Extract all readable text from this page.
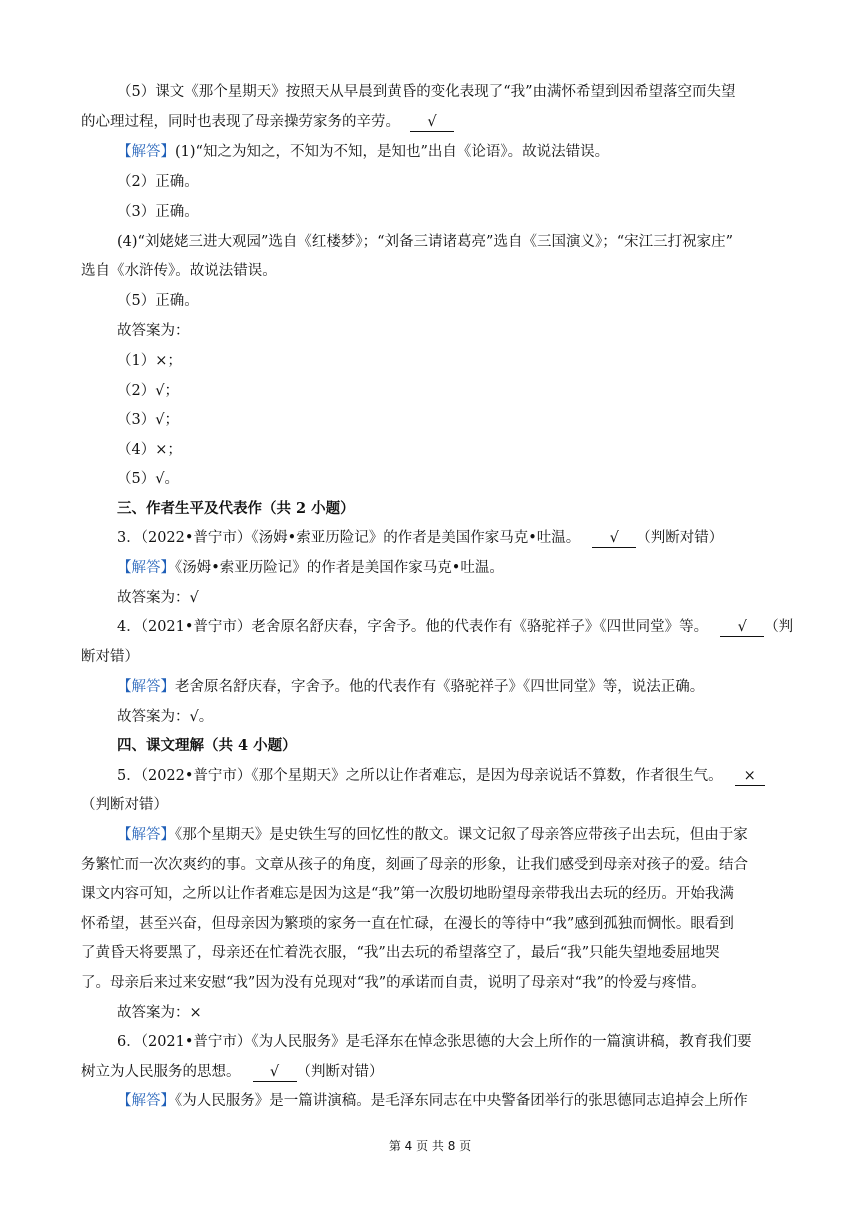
（5）课文《那个星期天》按照天从早晨到黄昏的变化表现了“我”由满怀希望到因希望落空而失望
的心理过程，同时也表现了母亲操劳家务的辛劳。 √
【解答】(1)“知之为知之，不知为不知，是知也”出自《论语》。故说法错误。
（2）正确。
（3）正确。
(4)“刘姥姥三进大观园”选自《红楼梦》；“刘备三请诸葛亮”选自《三国演义》；“宋江三打祝家庄”
选自《水浒传》。故说法错误。
（5）正确。
故答案为：
（1）×；
（2）√；
（3）√；
（4）×；
（5）√。
三、作者生平及代表作（共 2 小题）
3．（2022•普宁市）《汤姆•索亚历险记》的作者是美国作家马克•吐温。 √ （判断对错）
【解答】《汤姆•索亚历险记》的作者是美国作家马克•吐温。
故答案为：√
4．（2021•普宁市）老舍原名舒庆春，字舍予。他的代表作有《骆驼祥子》《四世同堂》等。 √ （判
断对错）
【解答】老舍原名舒庆春，字舍予。他的代表作有《骆驼祥子》《四世同堂》等，说法正确。
故答案为：√。
四、课文理解（共 4 小题）
5．（2022•普宁市）《那个星期天》之所以让作者难忘，是因为母亲说话不算数，作者很生气。 ×
（判断对错）
【解答】《那个星期天》是史铁生写的回忆性的散文。课文记叙了母亲答应带孩子出去玩，但由于家
务繁忙而一次次爽约的事。文章从孩子的角度，刻画了母亲的形象，让我们感受到母亲对孩子的爱。结合
课文内容可知，之所以让作者难忘是因为这是“我”第一次殷切地盼望母亲带我出去玩的经历。开始我满
怀希望，甚至兴奋，但母亲因为繁琐的家务一直在忙碌，在漫长的等待中“我”感到孤独而惆怅。眼看到
了黄昏天将要黑了，母亲还在忙着洗衣服，“我”出去玩的希望落空了，最后“我”只能失望地委屈地哭
了。母亲后来过来安慰“我”因为没有兑现对“我”的承诺而自责，说明了母亲对“我”的怜爱与疼惜。
故答案为：×
6．（2021•普宁市）《为人民服务》是毛泽东在悼念张思德的大会上所作的一篇演讲稿，教育我们要
树立为人民服务的思想。 √ （判断对错）
【解答】《为人民服务》是一篇讲演稿。是毛泽东同志在中央警备团举行的张思德同志追掉会上所作
第 4 页 共 8 页
